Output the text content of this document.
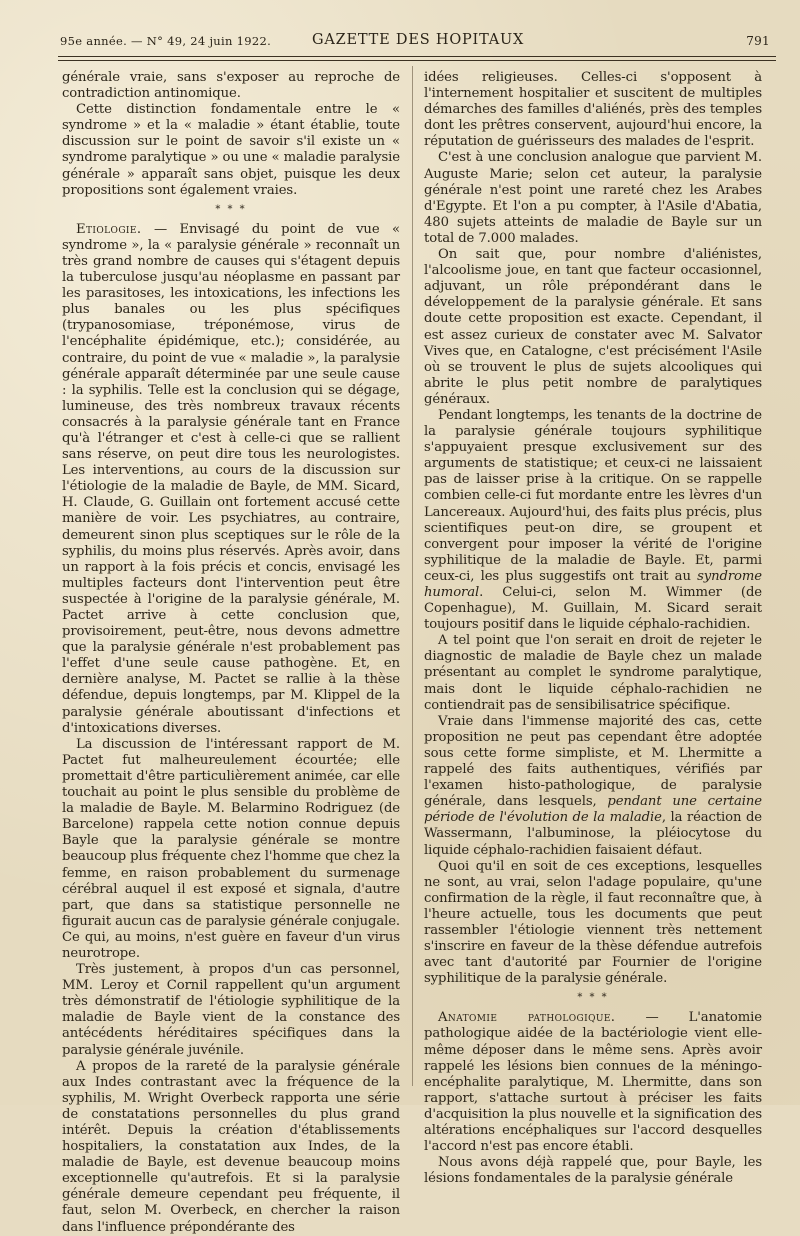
95e année. — N° 49, 24 juin 1922.	GAZETTE DES HOPITAUX	791

générale vraie, sans s'exposer au reproche de contradiction antinomique.

Cette distinction fondamentale entre le « syndrome » et la « maladie » étant établie, toute discussion sur le point de savoir s'il existe un « syndrome paralytique » ou une « maladie paralysie générale » apparaît sans objet, puisque les deux propositions sont également vraies.

* * *

Etiologie. — Envisagé du point de vue « syndrome », la « paralysie générale » reconnaît un très grand nombre de causes qui s'étagent depuis la tuberculose jusqu'au néoplasme en passant par les parasitoses, les intoxications, les infections les plus banales ou les plus spécifiques (trypanosomiase, tréponémose, virus de l'encéphalite épidémique, etc.); considérée, au contraire, du point de vue « maladie », la paralysie générale apparaît déterminée par une seule cause : la syphilis. Telle est la conclusion qui se dégage, lumineuse, des très nombreux travaux récents consacrés à la paralysie générale tant en France qu'à l'étranger et c'est à celle-ci que se rallient sans réserve, on peut dire tous les neurologistes. Les interventions, au cours de la discussion sur l'étiologie de la maladie de Bayle, de MM. Sicard, H. Claude, G. Guillain ont fortement accusé cette manière de voir. Les psychiatres, au contraire, demeurent sinon plus sceptiques sur le rôle de la syphilis, du moins plus réservés. Après avoir, dans un rapport à la fois précis et concis, envisagé les multiples facteurs dont l'intervention peut être suspectée à l'origine de la paralysie générale, M. Pactet arrive à cette conclusion que, provisoirement, peut-être, nous devons admettre que la paralysie générale n'est probablement pas l'effet d'une seule cause pathogène. Et, en dernière analyse, M. Pactet se rallie à la thèse défendue, depuis longtemps, par M. Klippel de la paralysie générale aboutissant d'infections et d'intoxications diverses.

La discussion de l'intéressant rapport de M. Pactet fut malheureulement écourtée; elle promettait d'être particulièrement animée, car elle touchait au point le plus sensible du problème de la maladie de Bayle. M. Belarmino Rodriguez (de Barcelone) rappela cette notion connue depuis Bayle que la paralysie générale se montre beaucoup plus fréquente chez l'homme que chez la femme, en raison probablement du surmenage cérébral auquel il est exposé et signala, d'autre part, que dans sa statistique personnelle ne figurait aucun cas de paralysie générale conjugale. Ce qui, au moins, n'est guère en faveur d'un virus neurotrope.

Très justement, à propos d'un cas personnel, MM. Leroy et Cornil rappellent qu'un argument très démonstratif de l'étiologie syphilitique de la maladie de Bayle vient de la constance des antécédents héréditaires spécifiques dans la paralysie générale juvénile.

A propos de la rareté de la paralysie générale aux Indes contrastant avec la fréquence de la syphilis, M. Wright Overbeck rapporta une série de constatations personnelles du plus grand intérêt. Depuis la création d'établissements hospitaliers, la constatation aux Indes, de la maladie de Bayle, est devenue beaucoup moins exceptionnelle qu'autrefois. Et si la paralysie générale demeure cependant peu fréquente, il faut, selon M. Overbeck, en chercher la raison dans l'influence prépondérante des

idées religieuses. Celles-ci s'opposent à l'internement hospitalier et suscitent de multiples démarches des familles d'aliénés, près des temples dont les prêtres conservent, aujourd'hui encore, la réputation de guérisseurs des malades de l'esprit.

C'est à une conclusion analogue que parvient M. Auguste Marie; selon cet auteur, la paralysie générale n'est point une rareté chez les Arabes d'Egypte. Et l'on a pu compter, à l'Asile d'Abatia, 480 sujets atteints de maladie de Bayle sur un total de 7.000 malades.

On sait que, pour nombre d'aliénistes, l'alcoolisme joue, en tant que facteur occasionnel, adjuvant, un rôle prépondérant dans le développement de la paralysie générale. Et sans doute cette proposition est exacte. Cependant, il est assez curieux de constater avec M. Salvator Vives que, en Catalogne, c'est précisément l'Asile où se trouvent le plus de sujets alcooliques qui abrite le plus petit nombre de paralytiques généraux.

Pendant longtemps, les tenants de la doctrine de la paralysie générale toujours syphilitique s'appuyaient presque exclusivement sur des arguments de statistique; et ceux-ci ne laissaient pas de laisser prise à la critique. On se rappelle combien celle-ci fut mordante entre les lèvres d'un Lancereaux. Aujourd'hui, des faits plus précis, plus scientifiques peut-on dire, se groupent et convergent pour imposer la vérité de l'origine syphilitique de la maladie de Bayle. Et, parmi ceux-ci, les plus suggestifs ont trait au syndrome humoral. Celui-ci, selon M. Wimmer (de Copenhague), M. Guillain, M. Sicard serait toujours positif dans le liquide céphalo-rachidien.

A tel point que l'on serait en droit de rejeter le diagnostic de maladie de Bayle chez un malade présentant au complet le syndrome paralytique, mais dont le liquide céphalo-rachidien ne contiendrait pas de sensibilisatrice spécifique.

Vraie dans l'immense majorité des cas, cette proposition ne peut pas cependant être adoptée sous cette forme simpliste, et M. Lhermitte a rappelé des faits authentiques, vérifiés par l'examen histo-pathologique, de paralysie générale, dans lesquels, pendant une certaine période de l'évolution de la maladie, la réaction de Wassermann, l'albuminose, la pléiocytose du liquide céphalo-rachidien faisaient défaut.

Quoi qu'il en soit de ces exceptions, lesquelles ne sont, au vrai, selon l'adage populaire, qu'une confirmation de la règle, il faut reconnaître que, à l'heure actuelle, tous les documents que peut rassembler l'étiologie viennent très nettement s'inscrire en faveur de la thèse défendue autrefois avec tant d'autorité par Fournier de l'origine syphilitique de la paralysie générale.

* * *

Anatomie pathologique. — L'anatomie pathologique aidée de la bactériologie vient elle-même déposer dans le même sens. Après avoir rappelé les lésions bien connues de la méningo-encéphalite paralytique, M. Lhermitte, dans son rapport, s'attache surtout à préciser les faits d'acquisition la plus nouvelle et la signification des altérations encéphaliques sur l'accord desquelles l'accord n'est pas encore établi.

Nous avons déjà rappelé que, pour Bayle, les lésions fondamentales de la paralysie générale
